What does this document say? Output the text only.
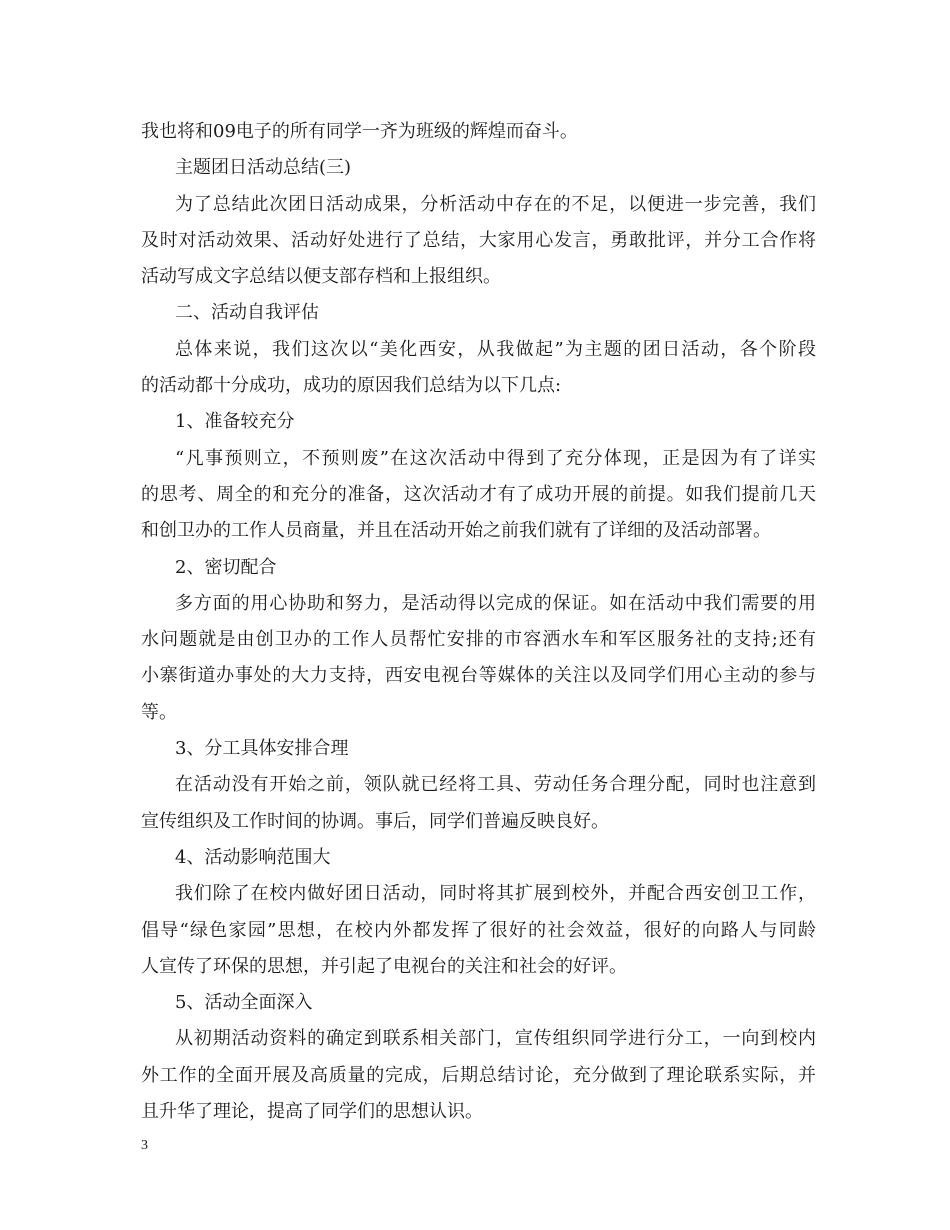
我也将和09电子的所有同学一齐为班级的辉煌而奋斗。
主题团日活动总结(三)
为了总结此次团日活动成果，分析活动中存在的不足，以便进一步完善，我们
及时对活动效果、活动好处进行了总结，大家用心发言，勇敢批评，并分工合作将
活动写成文字总结以便支部存档和上报组织。
二、活动自我评估
总体来说，我们这次以“美化西安，从我做起”为主题的团日活动，各个阶段
的活动都十分成功，成功的原因我们总结为以下几点:
1、准备较充分
“凡事预则立，不预则废”在这次活动中得到了充分体现，正是因为有了详实
的思考、周全的和充分的准备，这次活动才有了成功开展的前提。如我们提前几天
和创卫办的工作人员商量，并且在活动开始之前我们就有了详细的及活动部署。
2、密切配合
多方面的用心协助和努力，是活动得以完成的保证。如在活动中我们需要的用
水问题就是由创卫办的工作人员帮忙安排的市容洒水车和军区服务社的支持;还有
小寨街道办事处的大力支持，西安电视台等媒体的关注以及同学们用心主动的参与
等。
3、分工具体安排合理
在活动没有开始之前，领队就已经将工具、劳动任务合理分配，同时也注意到
宣传组织及工作时间的协调。事后，同学们普遍反映良好。
4、活动影响范围大
我们除了在校内做好团日活动，同时将其扩展到校外，并配合西安创卫工作，
倡导“绿色家园”思想，在校内外都发挥了很好的社会效益，很好的向路人与同龄
人宣传了环保的思想，并引起了电视台的关注和社会的好评。
5、活动全面深入
从初期活动资料的确定到联系相关部门，宣传组织同学进行分工，一向到校内
外工作的全面开展及高质量的完成，后期总结讨论，充分做到了理论联系实际，并
且升华了理论，提高了同学们的思想认识。
3
